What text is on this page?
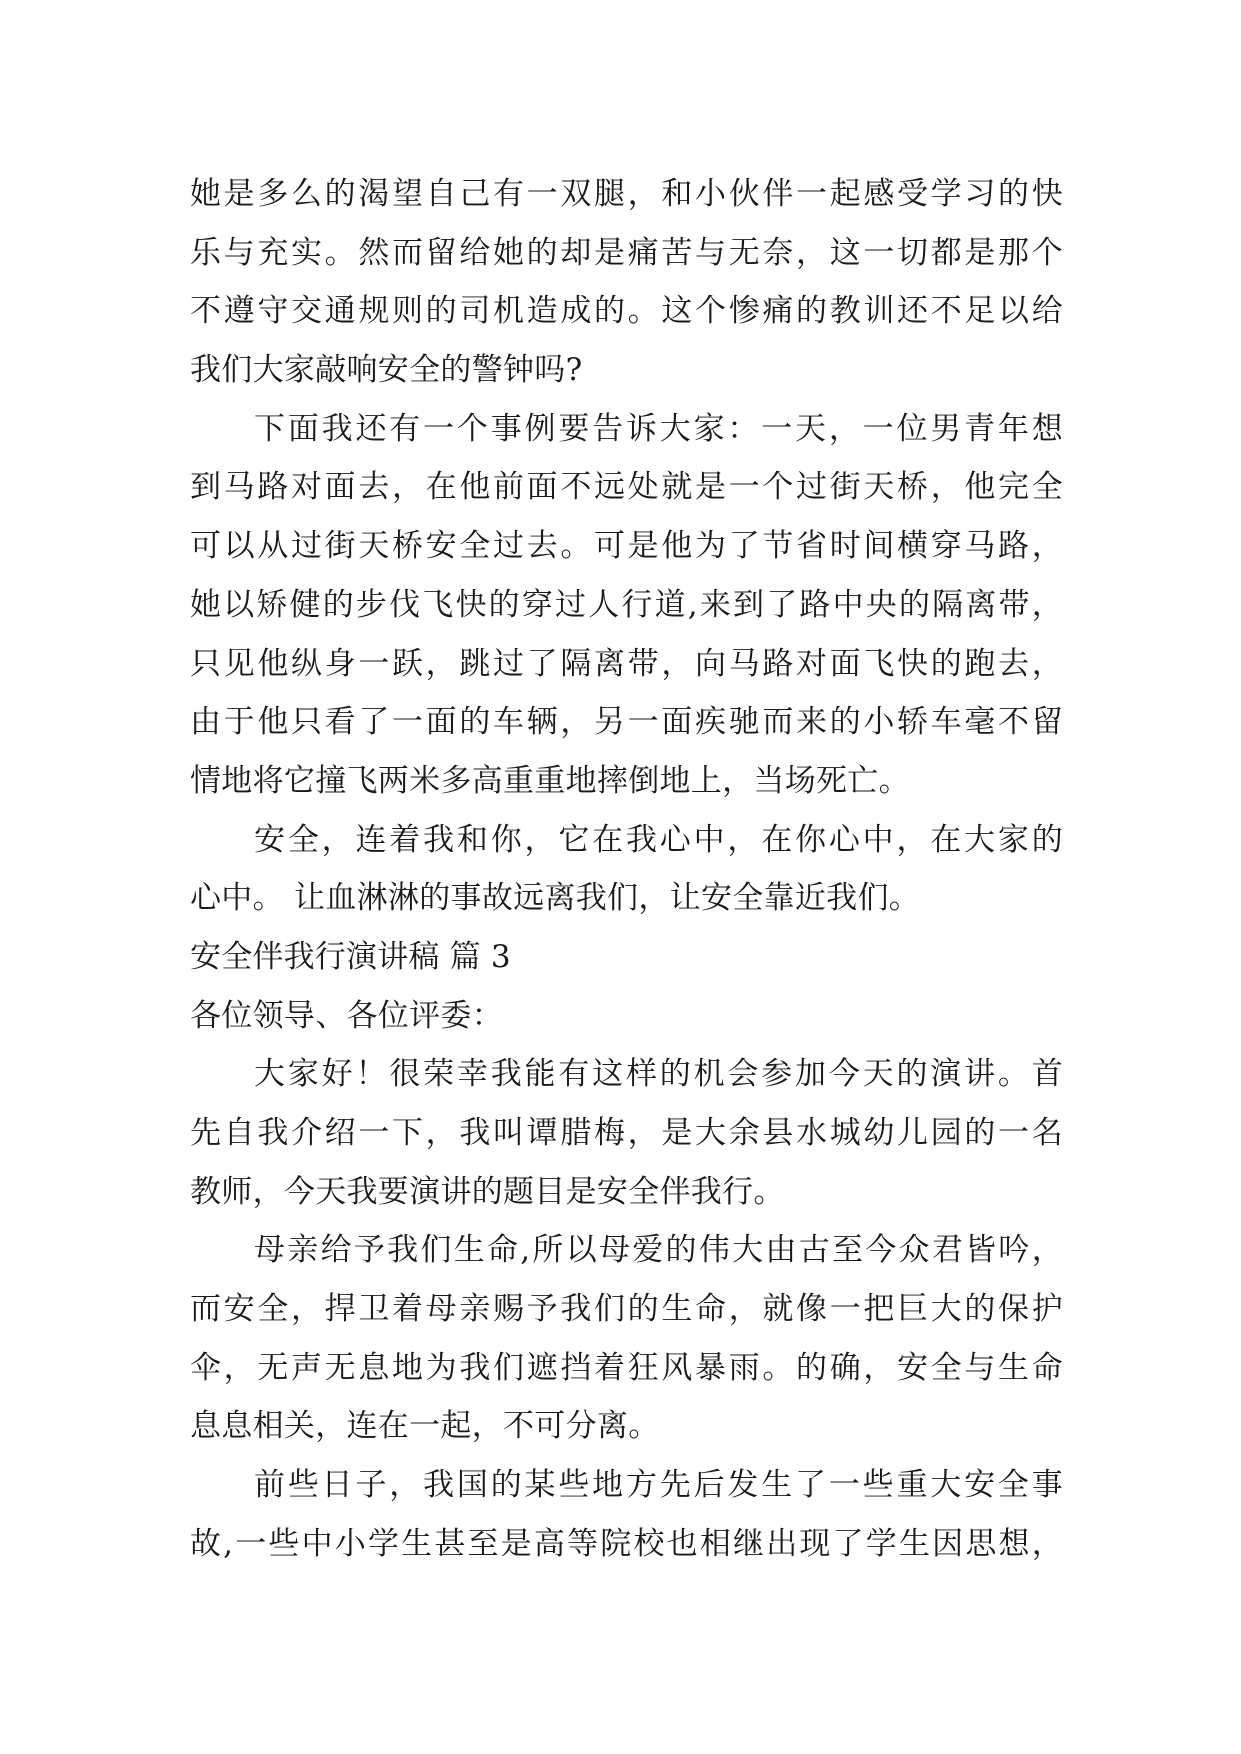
她是多么的渴望自己有一双腿，和小伙伴一起感受学习的快
乐与充实。然而留给她的却是痛苦与无奈，这一切都是那个
不遵守交通规则的司机造成的。这个惨痛的教训还不足以给
我们大家敲响安全的警钟吗?
下面我还有一个事例要告诉大家：一天，一位男青年想
到马路对面去，在他前面不远处就是一个过街天桥，他完全
可以从过街天桥安全过去。可是他为了节省时间横穿马路，
她以矫健的步伐飞快的穿过人行道,来到了路中央的隔离带，
只见他纵身一跃，跳过了隔离带，向马路对面飞快的跑去，
由于他只看了一面的车辆，另一面疾驰而来的小轿车毫不留
情地将它撞飞两米多高重重地摔倒地上，当场死亡。
安全，连着我和你，它在我心中，在你心中，在大家的
心中。 让血淋淋的事故远离我们，让安全靠近我们。
安全伴我行演讲稿 篇 3
各位领导、各位评委：
大家好！很荣幸我能有这样的机会参加今天的演讲。首
先自我介绍一下，我叫谭腊梅，是大余县水城幼儿园的一名
教师，今天我要演讲的题目是安全伴我行。
母亲给予我们生命,所以母爱的伟大由古至今众君皆吟，
而安全，捍卫着母亲赐予我们的生命，就像一把巨大的保护
伞，无声无息地为我们遮挡着狂风暴雨。的确，安全与生命
息息相关，连在一起，不可分离。
前些日子，我国的某些地方先后发生了一些重大安全事
故,一些中小学生甚至是高等院校也相继出现了学生因思想，
